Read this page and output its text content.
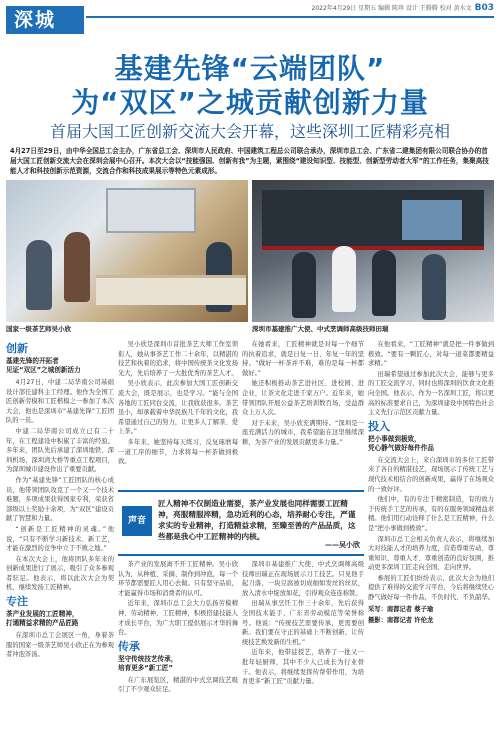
深城
2022年4月29日 星期五 编辑 陈珍 设计 王腾腾 校对 黄水文 B03
基建先锋“云端团队”
为“双区”之城贡献创新力量
首届大国工匠创新交流大会开幕，这些深圳工匠精彩亮相
4月27日至29日，由中华全国总工会主办，广东省总工会、深圳市人民政府、中国建筑工程总公司联合承办，深圳市总工会、广东省二建集团有限公司联合协办的首届大国工匠创新交流大会在深圳会展中心召开。本次大会以“技能强国、创新有我”为主题，紧围绕“建设知识型、技能型、创新型劳动者大军”的工作任务，集聚高技能人才和科技创新示范资源，交流合作和科技成果展示等特色元素成形。
国家一级茶艺师吴小欣	深圳市基建推广大使、中式烹调师高级技师田瑞
创新
基建先锋的开拓者
见证“双区”之城创新活力

4月27日，中建二局华南公司基础设计部任建科主工经理。他作为全国工匠创新劳模和工匠楷模之一参加了本次大会，他也是深圳市“基建先锋”工匠团队的一员。

中建二局华南公司成立已有二十年，在工程建设中积累了丰富的经验。多年来，团队先后承建了深圳地铁、深圳机场、深圳湾大桥等重点工程项目，为深圳城市建设作出了重要贡献。

作为“基建先锋”工匠团队的核心成员，他带领团队攻克了一个又一个技术难题，多项成果获得国家专利，荣获省部级以上奖励十余项，为“双区”建设贡献了智慧和力量。

“创新是工匠精神的灵魂。”他说，“只有不断学习新技术、新工艺，才能在激烈的竞争中立于不败之地。”

在本次大会上，他将团队多年来的创新成果进行了展示，吸引了众多参观者驻足。他表示，将以此次大会为契机，继续发扬工匠精神。

专注
茶产业发展的工匠精神，
打通精益求精的产品匠路

在深圳市总工会展区一角，身着茶服的国家一级茶艺师吴小欣正在为参观者冲泡茶汤。

吴小欣是深圳市首批茶艺大师工作室领衔人，她从事茶艺工作二十余年，以精湛的技艺和执着的追求，将中国传统茶文化发扬光大，先后培养了一大批优秀的茶艺人才。

吴小欣表示，此次参加大国工匠创新交流大会，既是展示，也是学习。“能与全国各地的工匠同台交流，让我收获很多。茶艺虽小，却承载着中华民族几千年的文化，我希望通过自己的努力，让更多人了解茶、爱上茶。”

多年来，她坚持每天练习，反复琢磨每一道工序的细节，力求将每一杯茶做到极致。

在她看来，工匠精神就是对每一个细节的执着追求，就是日复一日、年复一年的坚持。“做好一杯茶并不难，难的是每一杯都做好。”

她还积极推动茶艺进社区、进校园、进企业，让茶文化走进千家万户。近年来，她带领团队开展公益茶艺培训数百场，受益群众上万人次。

对于未来，吴小欣充满期待。“深圳是一座充满活力的城市，我希望能在这里继续深耕，为茶产业的发展贡献更多力量。”

声音
匠人精神不仅制造业需要，茶产业发展也同样需要工匠精神，亮服精服淬精，急功近利的心态，培养耐心专注，严谨求实的专业精神，打造精益求精，至臻至善的产品品质，这些都是我心中工匠精神的内核。
——吴小欣

茶产业的发展离不开工匠精神。吴小欣认为，从种植、采摘、制作到冲泡，每一个环节都需要匠人用心去做。只有坚守品质，才能赢得市场和消费者的认可。

近年来，深圳市总工会大力弘扬劳模精神、劳动精神、工匠精神，积极搭建技能人才成长平台，为广大职工提供展示才华的舞台。

传承
坚守传统技艺传承，
培育更多“新工匠”

在广东展览区，精湛的中式烹调技艺吸引了不少观众驻足。

深圳市基建推广大使、中式烹调师高级技师田瑞正在现场展示刀工技艺。只见他手起刀落，一块豆腐被切成细如发丝的丝状，放入清水中绽放如花，引得观众连连称赞。

田瑞从事烹饪工作三十余年，先后获得全国技术能手、广东省劳动模范等荣誉称号。他说：“传统技艺需要传承，更需要创新。我们要在守正的基础上不断创新，让传统技艺焕发新的生机。”

近年来，他带徒授艺，培养了一批又一批年轻厨师，其中不少人已成长为行业骨干。他表示，将继续发挥传帮带作用，为培育更多“新工匠”贡献力量。

在他看来，“工匠精神”就是把一件事做到极致。“要有一颗匠心，对每一道菜都要精益求精。”

田瑞希望通过参加此次大会，能够与更多的工匠交流学习，同时也将深圳的饮食文化推向全国。他表示，作为一名深圳工匠，将以更高的标准要求自己，为深圳建设中国特色社会主义先行示范区贡献力量。

投入
把小事做到极致，
凭心静气做好每件作品

在交流大会上，来自深圳市的多位工匠带来了各自的精湛技艺，现场展示了传统工艺与现代技术相结合的创新成果，赢得了在场观众的一致好评。

他们中，有的专注于精密制造，有的致力于传统手工艺的传承，有的在服务领域精益求精。他们用行动诠释了什么是工匠精神，什么是“把小事做到极致”。

深圳市总工会相关负责人表示，将继续加大对技能人才的培养力度，营造尊重劳动、尊重知识、尊重人才、尊重创造的良好氛围，推动更多深圳工匠走向全国、走向世界。

参展的工匠们纷纷表示，此次大会为他们提供了难得的交流学习平台，今后将继续凭心静气做好每一件作品，不负时代、不负韶华。

采写：南都记者 蔡子瑜
摄影：南都记者 许伦龙
